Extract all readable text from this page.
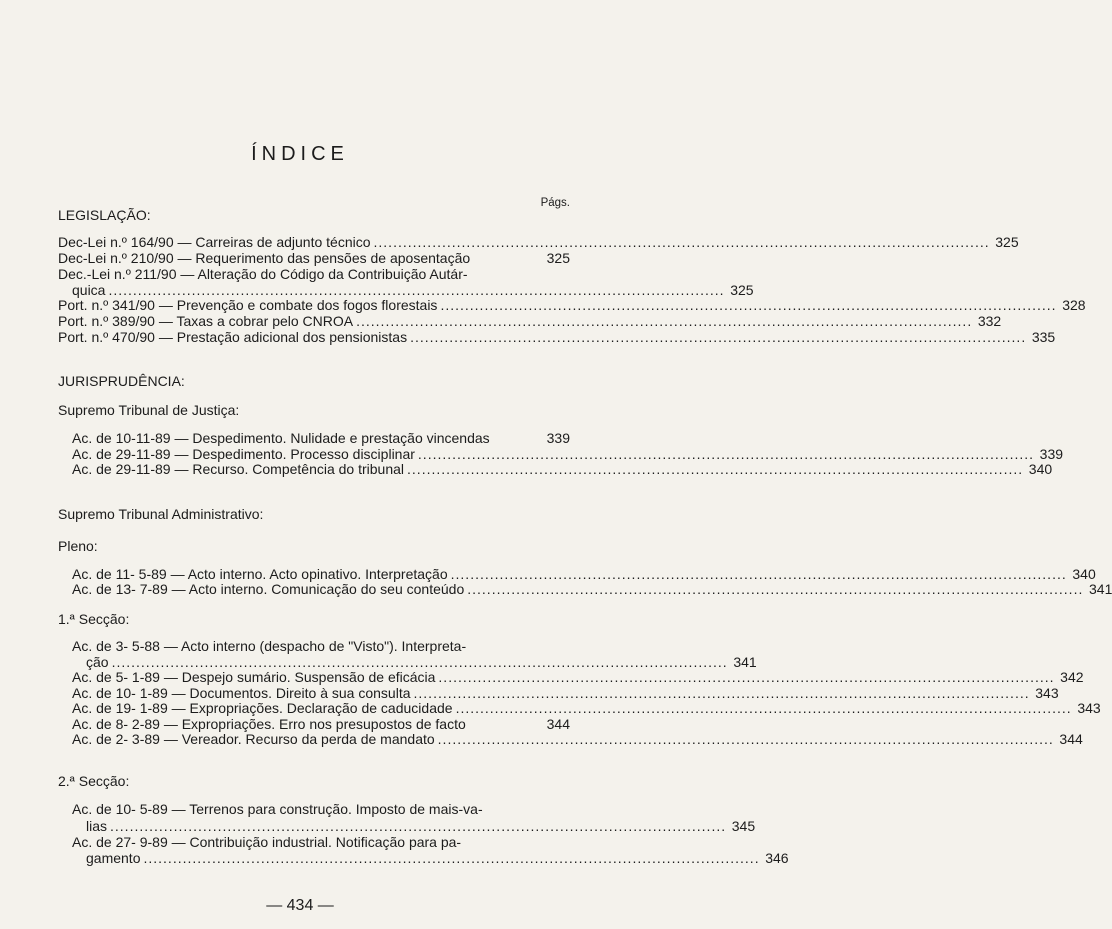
ÍNDICE
Págs.
LEGISLAÇÃO:
Dec-Lei n.º 164/90 — Carreiras de adjunto técnico .....	325
Dec-Lei n.º 210/90 — Requerimento das pensões de aposentação	325
Dec.-Lei n.º 211/90 — Alteração do Código da Contribuição Autár-
quica .....	325
Port. n.º 341/90 — Prevenção e combate dos fogos florestais .....	328
Port. n.º 389/90 — Taxas a cobrar pelo CNROA .....	332
Port. n.º 470/90 — Prestação adicional dos pensionistas .....	335
JURISPRUDÊNCIA:
Supremo Tribunal de Justiça:
Ac. de 10-11-89 — Despedimento. Nulidade e prestação vincendas	339
Ac. de 29-11-89 — Despedimento. Processo disciplinar .....	339
Ac. de 29-11-89 — Recurso. Competência do tribunal .....	340
Supremo Tribunal Administrativo:
Pleno:
Ac. de 11- 5-89 — Acto interno. Acto opinativo. Interpretação .....	340
Ac. de 13- 7-89 — Acto interno. Comunicação do seu conteúdo .....	341
1.ª Secção:
Ac. de 3- 5-88 — Acto interno (despacho de "Visto"). Interpreta-
ção .....	341
Ac. de 5- 1-89 — Despejo sumário. Suspensão de eficácia .....	342
Ac. de 10- 1-89 — Documentos. Direito à sua consulta .....	343
Ac. de 19- 1-89 — Expropriações. Declaração de caducidade .....	343
Ac. de 8- 2-89 — Expropriações. Erro nos presupostos de facto	344
Ac. de 2- 3-89 — Vereador. Recurso da perda de mandato .....	344
2.ª Secção:
Ac. de 10- 5-89 — Terrenos para construção. Imposto de mais-va-
lias .....	345
Ac. de 27- 9-89 — Contribuição industrial. Notificação para pa-
gamento .....	346
— 434 —
